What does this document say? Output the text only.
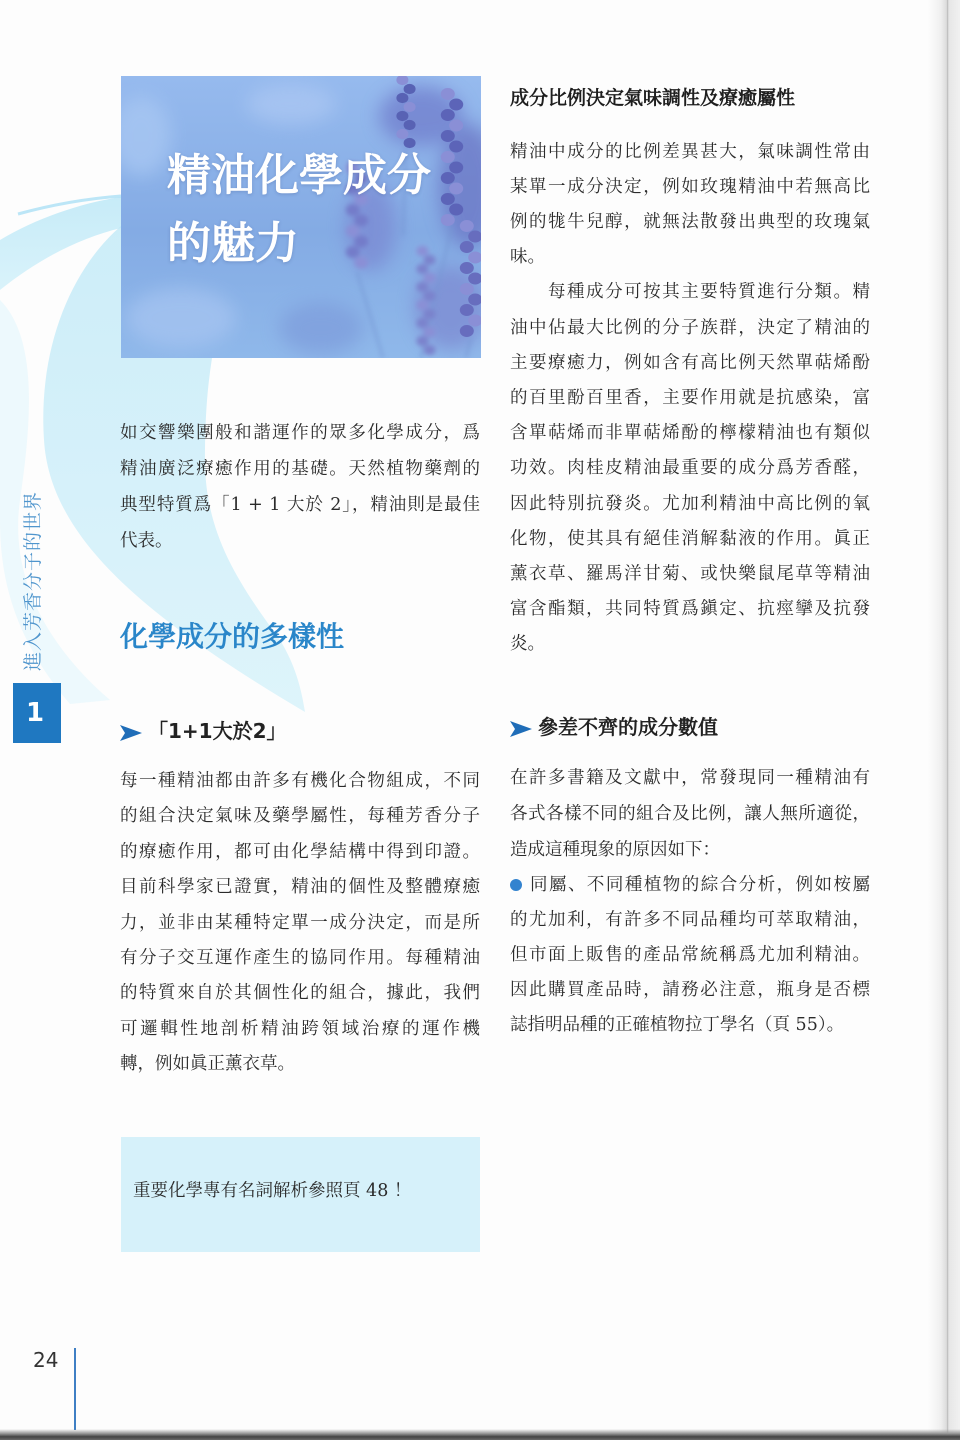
精油化學成分
的魅力
如交響樂團般和諧運作的眾多化學成分，爲
精油廣泛療癒作用的基礎。天然植物藥劑的
典型特質爲「1 + 1 大於 2」，精油則是最佳
代表。
化學成分的多樣性
「1+1大於2」
每一種精油都由許多有機化合物組成，不同
的組合決定氣味及藥學屬性，每種芳香分子
的療癒作用，都可由化學結構中得到印證。
目前科學家已證實，精油的個性及整體療癒
力，並非由某種特定單一成分決定，而是所
有分子交互運作產生的協同作用。每種精油
的特質來自於其個性化的組合，據此，我們
可邏輯性地剖析精油跨領域治療的運作機
轉，例如眞正薰衣草。
重要化學專有名詞解析參照頁 48 ！
成分比例決定氣味調性及療癒屬性
精油中成分的比例差異甚大，氣味調性常由
某單一成分決定，例如玫瑰精油中若無高比
例的牻牛兒醇，就無法散發出典型的玫瑰氣
味。
每種成分可按其主要特質進行分類。精
油中佔最大比例的分子族群，決定了精油的
主要療癒力，例如含有高比例天然單萜烯酚
的百里酚百里香，主要作用就是抗感染，富
含單萜烯而非單萜烯酚的檸檬精油也有類似
功效。肉桂皮精油最重要的成分爲芳香醛，
因此特別抗發炎。尤加利精油中高比例的氧
化物，使其具有絕佳消解黏液的作用。眞正
薰衣草、羅馬洋甘菊、或快樂鼠尾草等精油
富含酯類，共同特質爲鎭定、抗痙攣及抗發
炎。
參差不齊的成分數值
在許多書籍及文獻中，常發現同一種精油有
各式各樣不同的組合及比例，讓人無所適從，
造成這種現象的原因如下：
同屬、不同種植物的綜合分析，例如桉屬
的尤加利，有許多不同品種均可萃取精油，
但市面上販售的產品常統稱爲尤加利精油。
因此購買產品時，請務必注意，瓶身是否標
誌指明品種的正確植物拉丁學名（頁 55）。
進入芳香分子的世界
1
24
